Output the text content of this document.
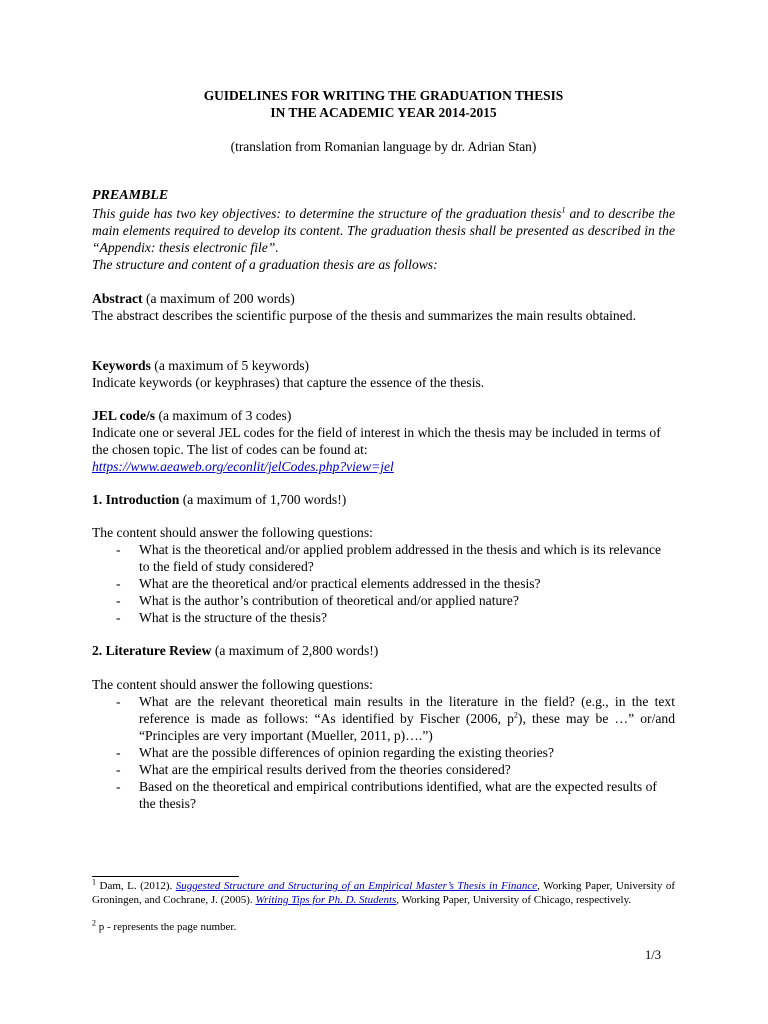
GUIDELINES FOR WRITING THE GRADUATION THESIS
IN THE ACADEMIC YEAR 2014-2015
(translation from Romanian language by dr. Adrian Stan)
PREAMBLE
This guide has two key objectives: to determine the structure of the graduation thesis$^1$ and to describe the main elements required to develop its content. The graduation thesis shall be presented as described in the “Appendix: thesis electronic file”.
The structure and content of a graduation thesis are as follows:
Abstract (a maximum of 200 words)
The abstract describes the scientific purpose of the thesis and summarizes the main results obtained.
Keywords (a maximum of 5 keywords)
Indicate keywords (or keyphrases) that capture the essence of the thesis.
JEL code/s (a maximum of 3 codes)
Indicate one or several JEL codes for the field of interest in which the thesis may be included in terms of the chosen topic. The list of codes can be found at:
https://www.aeaweb.org/econlit/jelCodes.php?view=jel
1. Introduction (a maximum of 1,700 words!)
The content should answer the following questions:
- What is the theoretical and/or applied problem addressed in the thesis and which is its relevance to the field of study considered?
- What are the theoretical and/or practical elements addressed in the thesis?
- What is the author’s contribution of theoretical and/or applied nature?
- What is the structure of the thesis?
2. Literature Review (a maximum of 2,800 words!)
The content should answer the following questions:
- What are the relevant theoretical main results in the literature in the field? (e.g., in the text reference is made as follows: “As identified by Fischer (2006, $p^2$), these may be …” or/and “Principles are very important (Mueller, 2011, p)….”)
- What are the possible differences of opinion regarding the existing theories?
- What are the empirical results derived from the theories considered?
- Based on the theoretical and empirical contributions identified, what are the expected results of the thesis?
$^1$ Dam, L. (2012). Suggested Structure and Structuring of an Empirical Master’s Thesis in Finance, Working Paper, University of Groningen, and Cochrane, J. (2005). Writing Tips for Ph. D. Students, Working Paper, University of Chicago, respectively.
$^2$ p - represents the page number.
1/3
